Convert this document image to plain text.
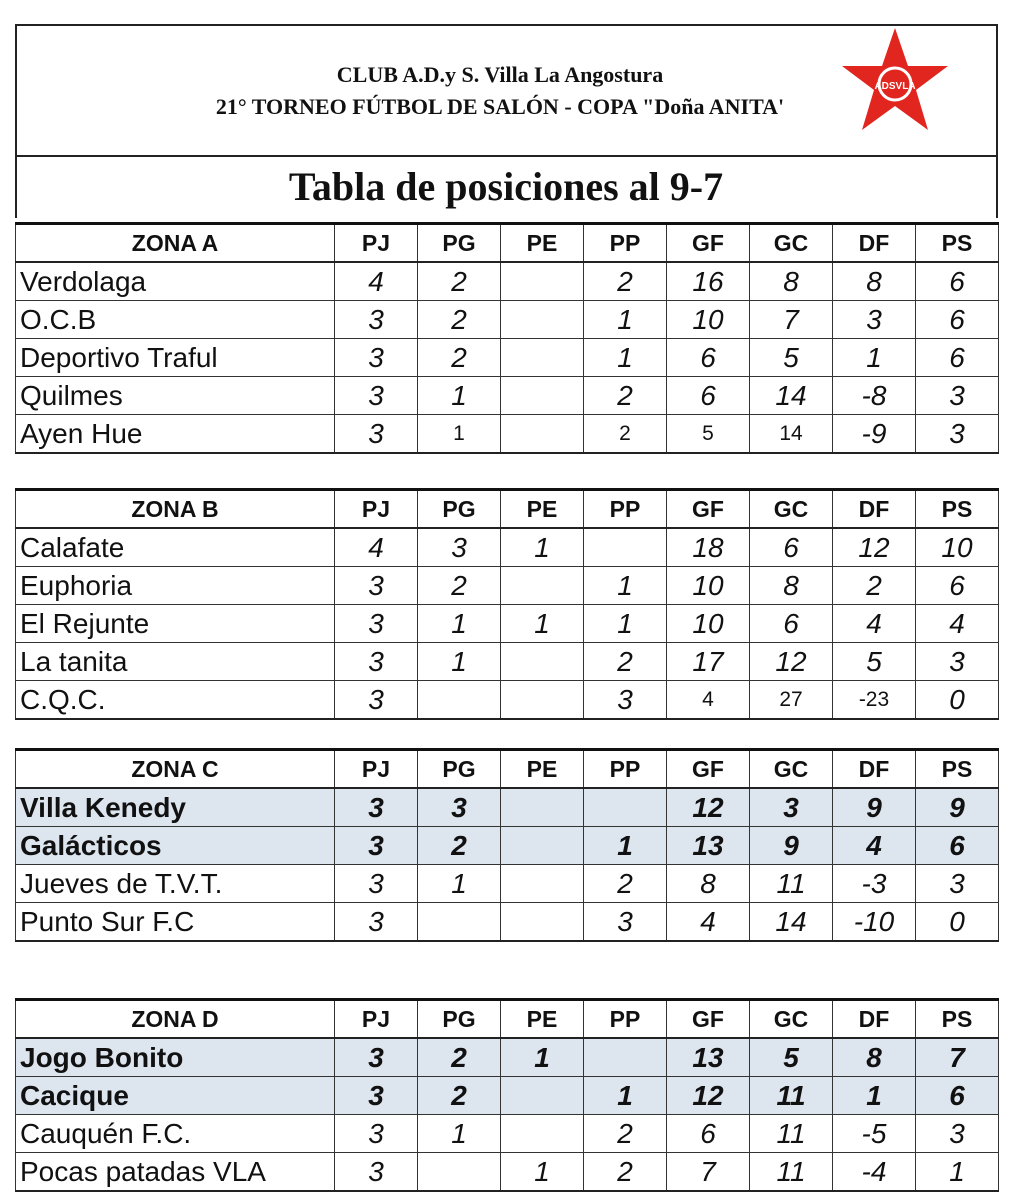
CLUB A.D.y S. Villa La Angostura
21° TORNEO FÚTBOL DE SALÓN - COPA "Doña ANITA'
ADSVLA
Tabla de posiciones al 9-7
ZONA A	PJ	PG	PE	PP	GF	GC	DF	PS
Verdolaga	4	2		2	16	8	8	6
O.C.B	3	2		1	10	7	3	6
Deportivo Traful	3	2		1	6	5	1	6
Quilmes	3	1		2	6	14	-8	3
Ayen Hue	3	1		2	5	14	-9	3
ZONA B	PJ	PG	PE	PP	GF	GC	DF	PS
Calafate	4	3	1		18	6	12	10
Euphoria	3	2		1	10	8	2	6
El Rejunte	3	1	1	1	10	6	4	4
La tanita	3	1		2	17	12	5	3
C.Q.C.	3			3	4	27	-23	0
ZONA C	PJ	PG	PE	PP	GF	GC	DF	PS
Villa Kenedy	3	3			12	3	9	9
Galácticos	3	2		1	13	9	4	6
Jueves de T.V.T.	3	1		2	8	11	-3	3
Punto Sur F.C	3			3	4	14	-10	0
ZONA D	PJ	PG	PE	PP	GF	GC	DF	PS
Jogo Bonito	3	2	1		13	5	8	7
Cacique	3	2		1	12	11	1	6
Cauquén F.C.	3	1		2	6	11	-5	3
Pocas patadas VLA	3		1	2	7	11	-4	1
